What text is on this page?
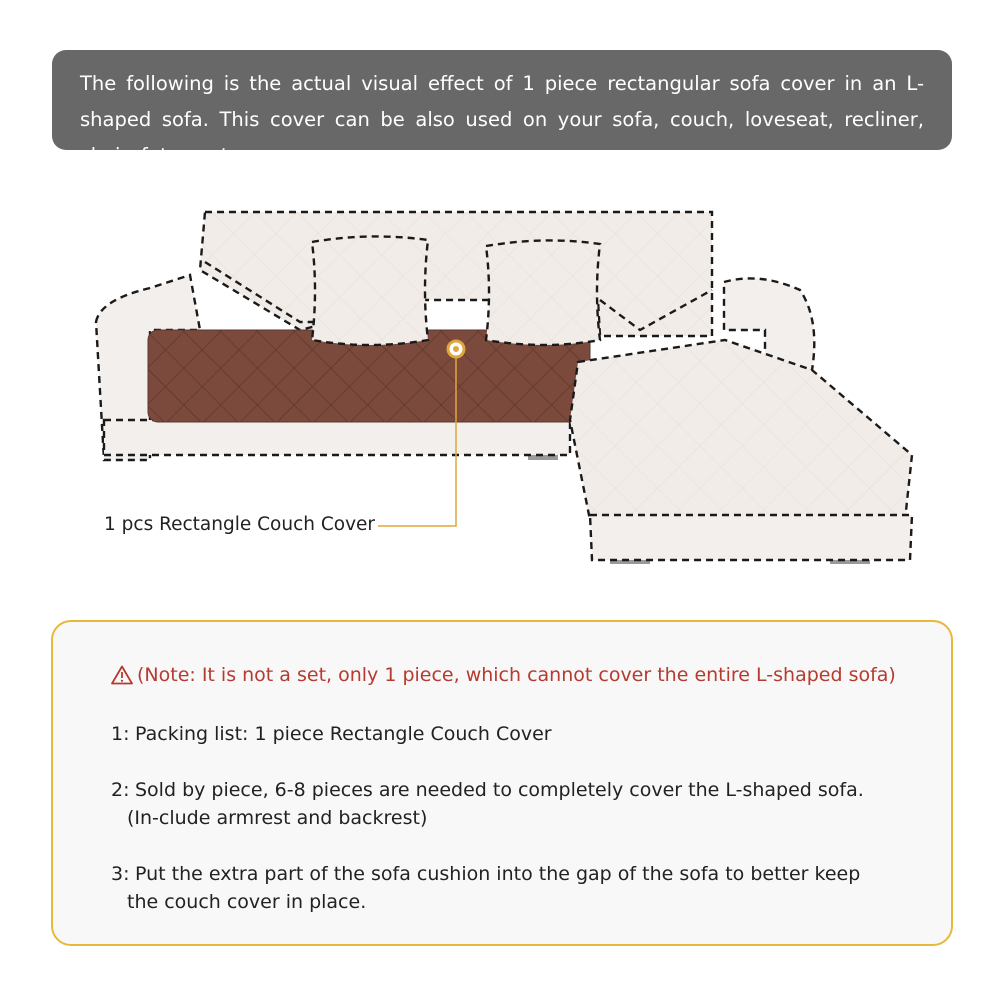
The following is the actual visual effect of 1 piece rectangular sofa cover in an L-shaped sofa. This cover can be also used on your sofa, couch, loveseat, recliner, chair, futon ect.

1 pcs Rectangle Couch Cover
(Note: It is not a set, only 1 piece, which cannot cover the entire L-shaped sofa)
1: Packing list: 1 piece Rectangle Couch Cover
2: Sold by piece, 6-8 pieces are needed to completely cover the L-shaped sofa. (In-clude armrest and backrest)
3: Put the extra part of the sofa cushion into the gap of the sofa to better keep the couch cover in place.
